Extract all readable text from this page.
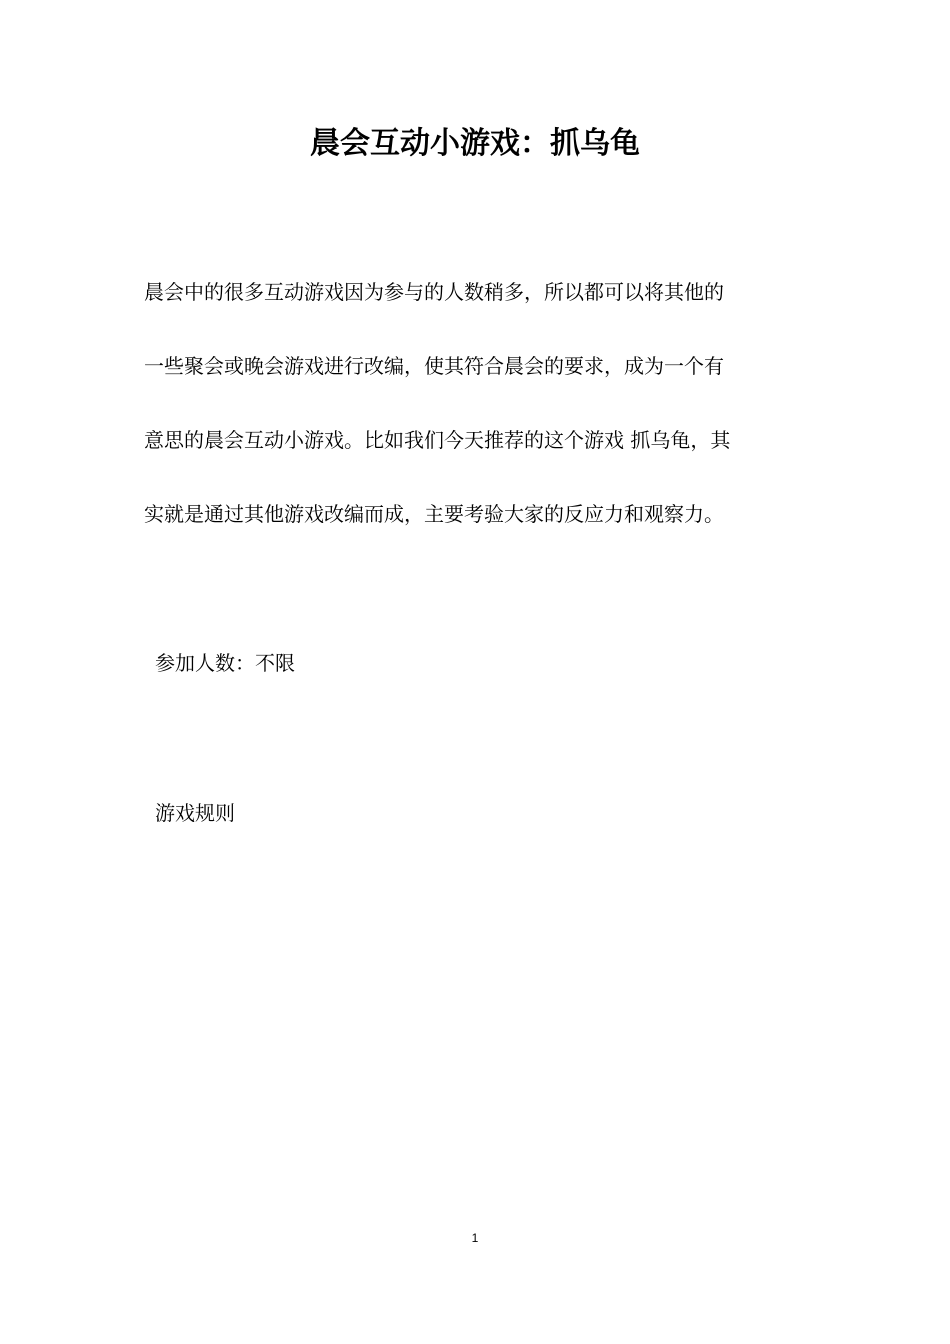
晨会互动小游戏：抓乌龟
晨会中的很多互动游戏因为参与的人数稍多，所以都可以将其他的
一些聚会或晚会游戏进行改编，使其符合晨会的要求，成为一个有
意思的晨会互动小游戏。比如我们今天推荐的这个游戏 抓乌龟，其
实就是通过其他游戏改编而成，主要考验大家的反应力和观察力。
参加人数：不限
游戏规则
1
